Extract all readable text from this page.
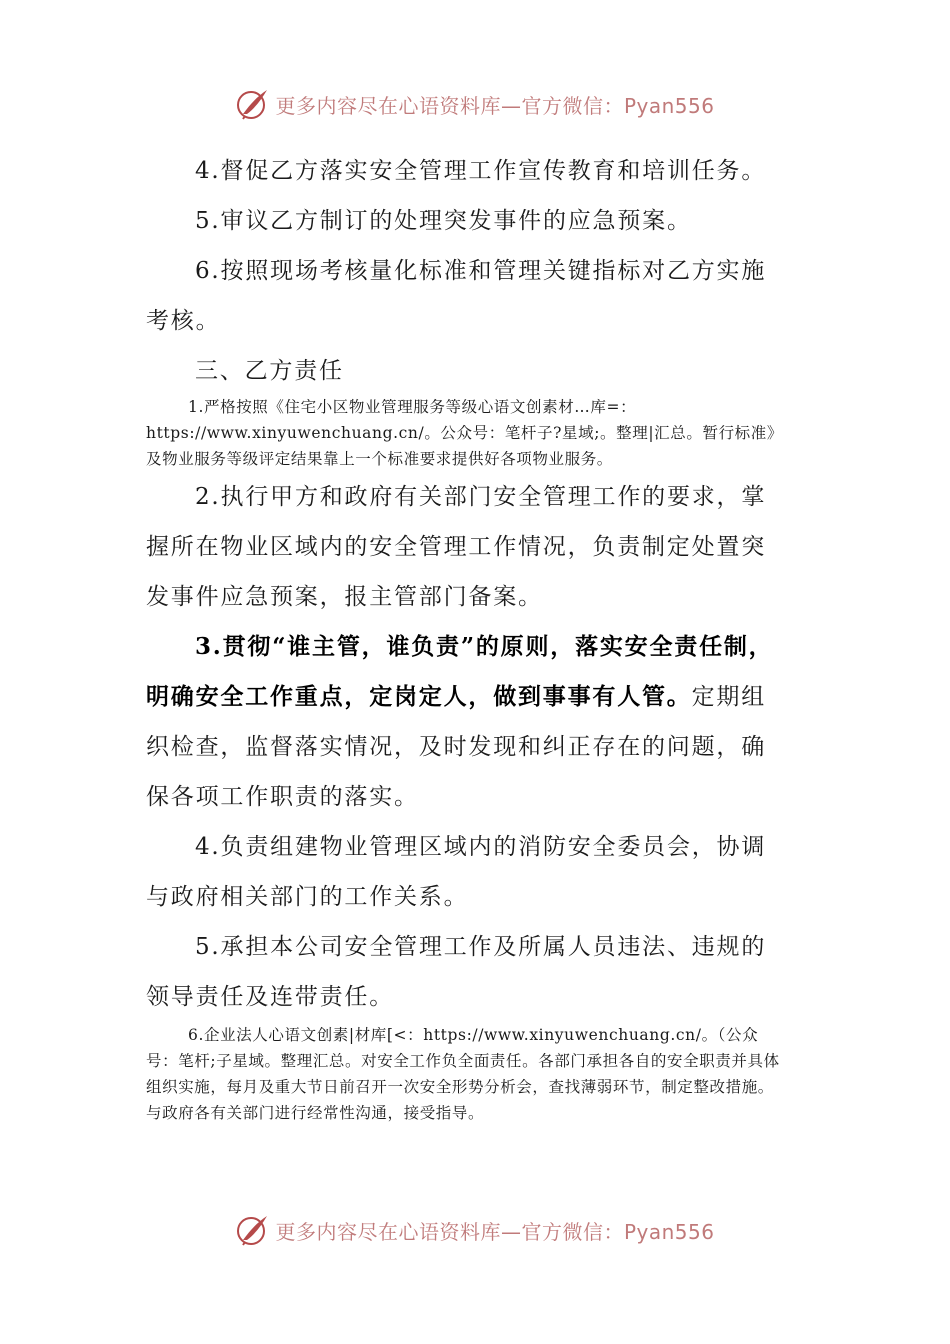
更多内容尽在心语资料库—官方微信：Pyan556

4.督促乙方落实安全管理工作宣传教育和培训任务。

5.审议乙方制订的处理突发事件的应急预案。

6.按照现场考核量化标准和管理关键指标对乙方实施考核。

三、乙方责任

1.严格按照《住宅小区物业管理服务等级心语文创素材…库=：https://www.xinyuwenchuang.cn/。公众号：笔杆子?星域;。整理|汇总。暂行标准》及物业服务等级评定结果靠上一个标准要求提供好各项物业服务。

2.执行甲方和政府有关部门安全管理工作的要求，掌握所在物业区域内的安全管理工作情况，负责制定处置突发事件应急预案，报主管部门备案。

3.贯彻“谁主管，谁负责”的原则，落实安全责任制，明确安全工作重点，定岗定人，做到事事有人管。定期组织检查，监督落实情况，及时发现和纠正存在的问题，确保各项工作职责的落实。

4.负责组建物业管理区域内的消防安全委员会，协调与政府相关部门的工作关系。

5.承担本公司安全管理工作及所属人员违法、违规的领导责任及连带责任。

6.企业法人心语文创素|材库[<：https://www.xinyuwenchuang.cn/。（公众号：笔杆;子星域。整理汇总。对安全工作负全面责任。各部门承担各自的安全职责并具体组织实施，每月及重大节日前召开一次安全形势分析会，查找薄弱环节，制定整改措施。与政府各有关部门进行经常性沟通，接受指导。

更多内容尽在心语资料库—官方微信：Pyan556
